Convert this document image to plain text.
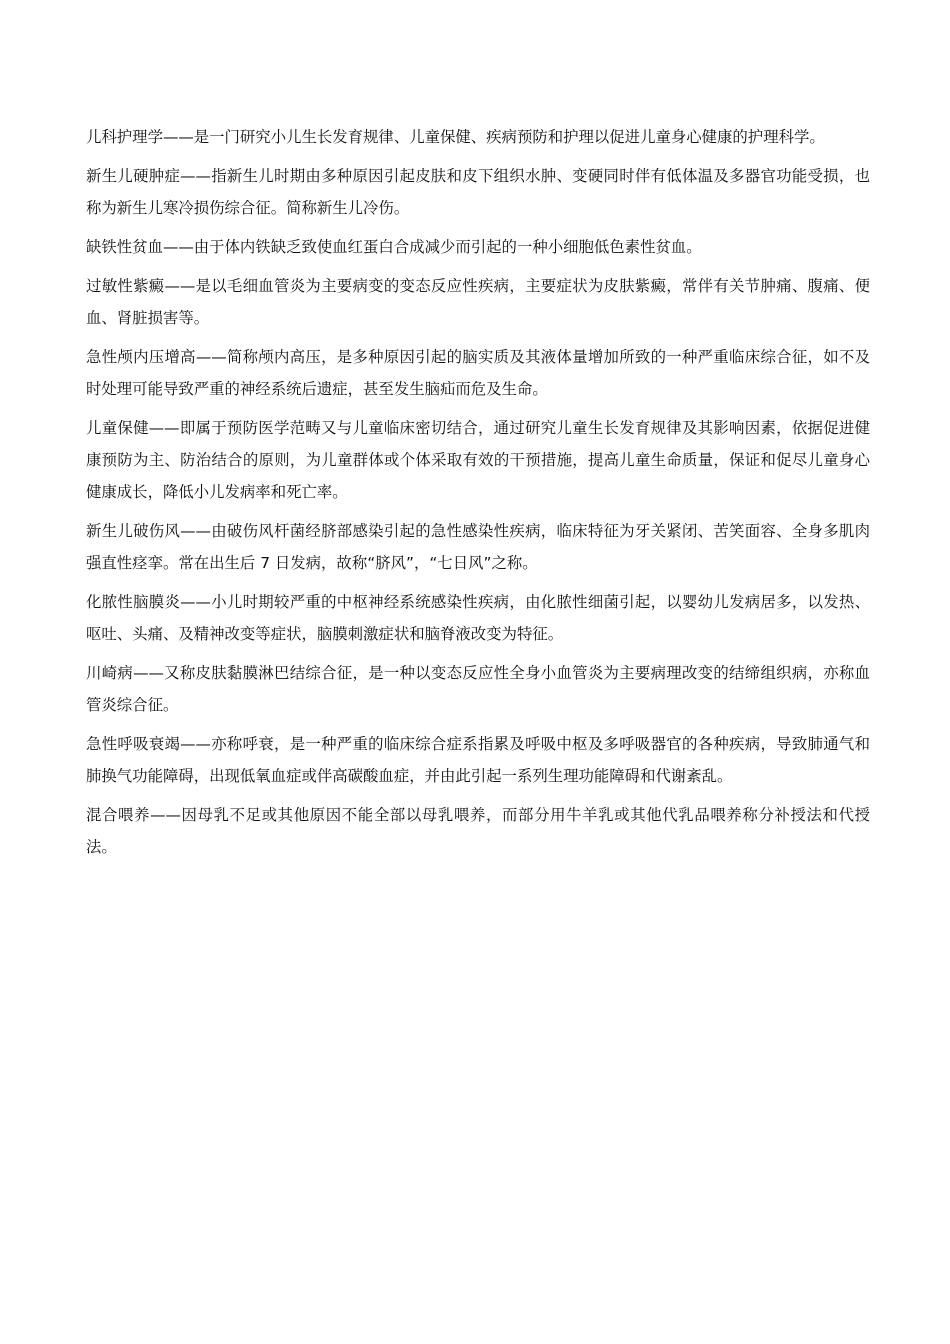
儿科护理学——是一门研究小儿生长发育规律、儿童保健、疾病预防和护理以促进儿童身心健康的护理科学。

新生儿硬肿症——指新生儿时期由多种原因引起皮肤和皮下组织水肿、变硬同时伴有低体温及多器官功能受损，也称为新生儿寒冷损伤综合征。简称新生儿冷伤。

缺铁性贫血——由于体内铁缺乏致使血红蛋白合成减少而引起的一种小细胞低色素性贫血。

过敏性紫癜——是以毛细血管炎为主要病变的变态反应性疾病，主要症状为皮肤紫癜，常伴有关节肿痛、腹痛、便血、肾脏损害等。

急性颅内压增高——简称颅内高压，是多种原因引起的脑实质及其液体量增加所致的一种严重临床综合征，如不及时处理可能导致严重的神经系统后遗症，甚至发生脑疝而危及生命。

儿童保健——即属于预防医学范畴又与儿童临床密切结合，通过研究儿童生长发育规律及其影响因素，依据促进健康预防为主、防治结合的原则，为儿童群体或个体采取有效的干预措施，提高儿童生命质量，保证和促尽儿童身心健康成长，降低小儿发病率和死亡率。

新生儿破伤风——由破伤风杆菌经脐部感染引起的急性感染性疾病，临床特征为牙关紧闭、苦笑面容、全身多肌肉强直性痉挛。常在出生后 7 日发病，故称“脐风”，“七日风”之称。

化脓性脑膜炎——小儿时期较严重的中枢神经系统感染性疾病，由化脓性细菌引起，以婴幼儿发病居多，以发热、呕吐、头痛、及精神改变等症状，脑膜刺激症状和脑脊液改变为特征。

川崎病——又称皮肤黏膜淋巴结综合征，是一种以变态反应性全身小血管炎为主要病理改变的结缔组织病，亦称血管炎综合征。

急性呼吸衰竭——亦称呼衰，是一种严重的临床综合症系指累及呼吸中枢及多呼吸器官的各种疾病，导致肺通气和肺换气功能障碍，出现低氧血症或伴高碳酸血症，并由此引起一系列生理功能障碍和代谢紊乱。

混合喂养——因母乳不足或其他原因不能全部以母乳喂养，而部分用牛羊乳或其他代乳品喂养称分补授法和代授法。
